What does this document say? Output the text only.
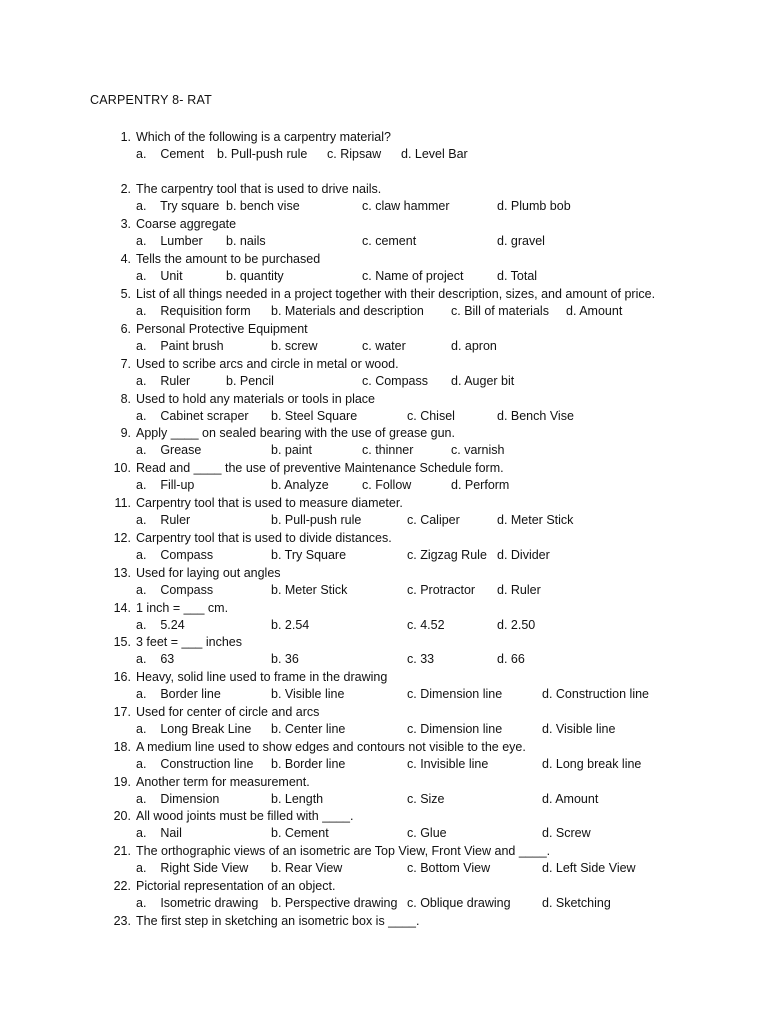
CARPENTRY 8- RAT
1. Which of the following is a carpentry material?
a.    Cement b. Pull-push rule c. Ripsaw d. Level Bar
2. The carpentry tool that is used to drive nails.
a.    Try square b. bench vise	c. claw hammer	d. Plumb bob
3. Coarse aggregate
a.    Lumber b. nails	c. cement	d. gravel
4. Tells the amount to be purchased
a.    Unit	b. quantity	c. Name of project	d. Total
5. List of all things needed in a project together with their description, sizes, and amount of price.
a.    Requisition form b. Materials and description c. Bill of materials d. Amount
6. Personal Protective Equipment
a.    Paint brush	b. screw	c. water	d. apron
7. Used to scribe arcs and circle in metal or wood.
a.    Ruler	b. Pencil	c. Compass d. Auger bit
8. Used to hold any materials or tools in place
a.    Cabinet scraper b. Steel Square	c. Chisel	d. Bench Vise
9. Apply ____ on sealed bearing with the use of grease gun.
a.    Grease	b. paint	c. thinner	c. varnish
10. Read and ____ the use of preventive Maintenance Schedule form.
a.    Fill-up	b. Analyze	c. Follow	d. Perform
11. Carpentry tool that is used to measure diameter.
a.    Ruler	b. Pull-push rule	c. Caliper	d. Meter Stick
12. Carpentry tool that is used to divide distances.
a.    Compass	b. Try Square	c. Zigzag Rule d. Divider
13. Used for laying out angles
a.    Compass	b. Meter Stick	c. Protractor d. Ruler
14. 1 inch = ___ cm.
a.    5.24	b. 2.54	c. 4.52	d. 2.50
15. 3 feet = ___ inches
a.    63	b. 36	c. 33	d. 66
16. Heavy, solid line used to frame in the drawing
a.    Border line	b. Visible line	c. Dimension line	d. Construction line
17. Used for center of circle and arcs
a.    Long Break Line b. Center line	c. Dimension line	d. Visible line
18. A medium line used to show edges and contours not visible to the eye.
a.    Construction line b. Border line	c. Invisible line	d. Long break line
19. Another term for measurement.
a.    Dimension	b. Length	c. Size	d. Amount
20. All wood joints must be filled with ____.
a.    Nail	b. Cement	c. Glue	d. Screw
21. The orthographic views of an isometric are Top View, Front View and ____.
a.    Right Side View b. Rear View	c. Bottom View	d. Left Side View
22. Pictorial representation of an object.
a.    Isometric drawing b. Perspective drawing c. Oblique drawing	d. Sketching
23. The first step in sketching an isometric box is ____.
